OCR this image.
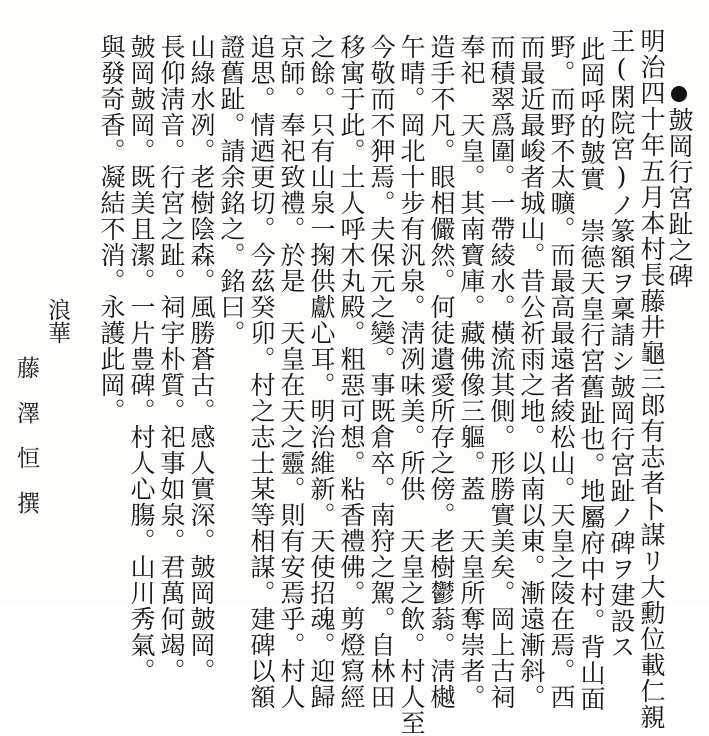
皷岡行宮趾之碑
明治四十年五月本村長藤井龜三郎有志者卜謀リ大勳位載仁親
王(閑院宮)ノ篆額ヲ稟請シ皷岡行宮趾ノ碑ヲ建設ス
此岡呼的皷實　崇德天皇行宮舊趾也。地屬府中村。背山面
野。而野不太曠。而最高最遠者綾松山。天皇之陵在焉。西
而最近最峻者城山。昔公祈雨之地。以南以東。漸遠漸斜。
而積翠爲圍。一帶綾水。橫流其側。形勝實美矣。岡上古祠
奉祀　天皇。其南寶庫。藏佛像三軀。蓋　天皇所奪崇者。
造手不凡。眼相儼然。何徒遺愛所存之傍。老樹鬱蓊。淸樾
午晴。岡北十步有汎泉。淸冽味美。所供　天皇之飲。村人至
今敬而不狎焉。夫保元之變。事既倉卒。南狩之駕。自林田
移寓于此。土人呼木丸殿。粗惡可想。粘香禮佛。剪燈寫經
之餘。只有山泉一掬供獻心耳。明治維新。天使招魂。迎歸
京師。奉祀致禮。於是　天皇在天之靈。則有安焉乎。村人
追思。情迺更切。今茲癸卯。村之志士某等相謀。建碑以額
證舊趾。請余銘之。銘曰。
山綠水冽。老樹陰森。風勝蒼古。感人實深。皷岡皷岡。
長仰淸音。行宮之趾。祠宇朴質。祀事如泉。君萬何竭。
皷岡皷岡。既美且潔。一片豊碑。村人心膓。山川秀氣。
與發奇香。凝結不消。永護此岡。
浪華
藤澤恒撰
